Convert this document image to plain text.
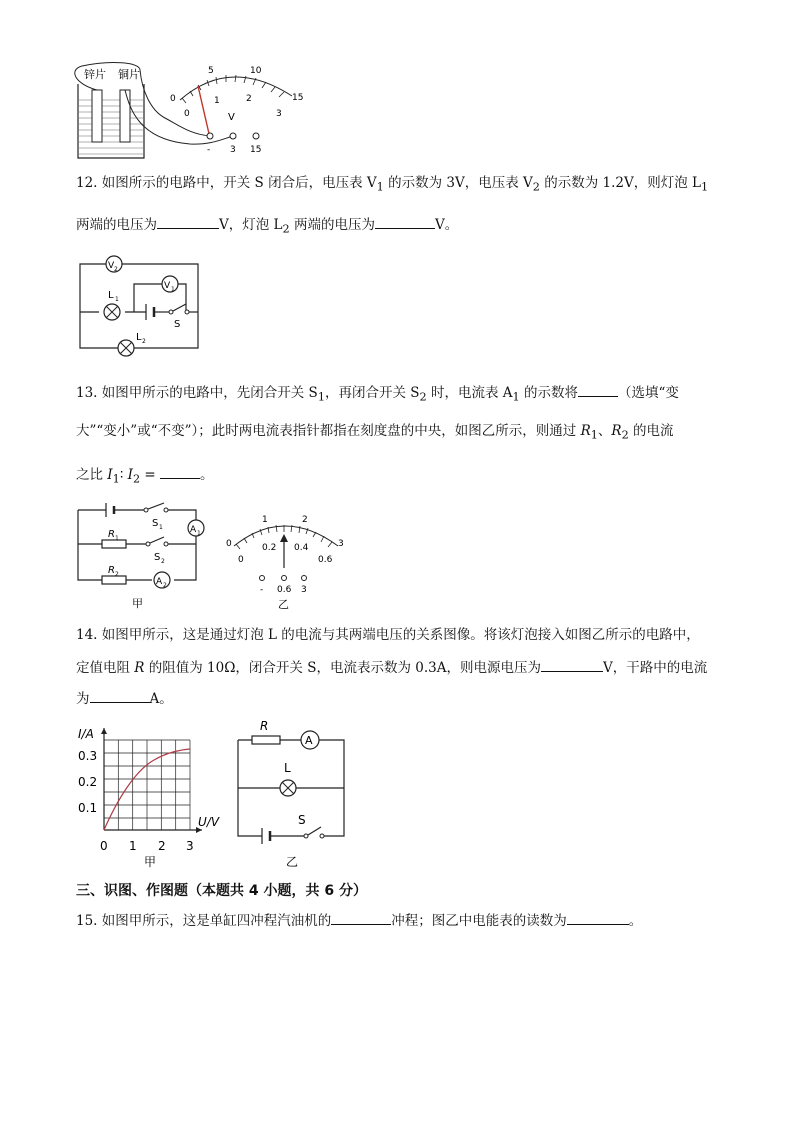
锌片 铜片
0
5	10
15
0
1	2
3
V
- 3 15
12. 如图所示的电路中，开关 S 闭合后，电压表 $V_1$ 的示数为 3V，电压表 $V_2$ 的示数为 1.2V，则灯泡 $L_1$
两端的电压为	V，灯泡 $L_2$ 两端的电压为	V。
V 2
V 1
L 1
S
L 2
13. 如图甲所示的电路中，先闭合开关 $S_1$，再闭合开关 $S_2$ 时，电流表 $A_1$ 的示数将	（选填“变
大”“变小”或“不变”）；此时两电流表指针都指在刻度盘的中央，如图乙所示，则通过 $R_1$、$R_2$ 的电流
之比 $I_1∶$ $I_2$ =	。
S 1	A 1
R 1
S 2
R 2
A 2
甲
0
1	2
3
0
0.2 0.4
0.6
- 0.6 3
乙
14. 如图甲所示，这是通过灯泡 L 的电流与其两端电压的关系图像。将该灯泡接入如图乙所示的电路中，
定值电阻 R 的阻值为 10Ω，闭合开关 S，电流表示数为 0.3A，则电源电压为	V，干路中的电流
为	A。
I/A
U/V
0.3
0.2
0.1
0 1 2 3
甲
R
A
L
S
乙
三、识图、作图题（本题共 4 小题，共 6 分）
15. 如图甲所示，这是单缸四冲程汽油机的	冲程；图乙中电能表的读数为	。
